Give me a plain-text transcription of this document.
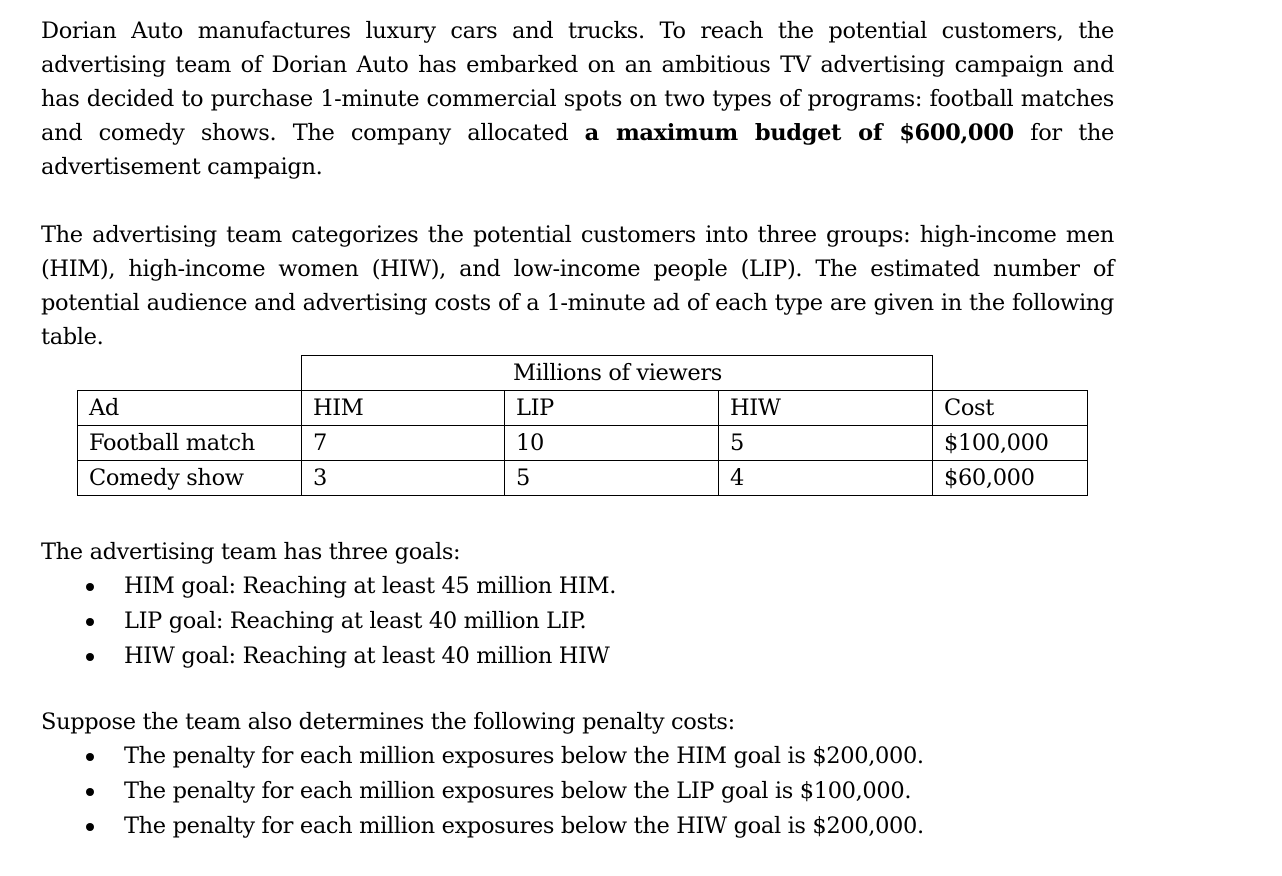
Dorian Auto manufactures luxury cars and trucks. To reach the potential customers, the advertising team of Dorian Auto has embarked on an ambitious TV advertising campaign and has decided to purchase 1-minute commercial spots on two types of programs: football matches and comedy shows. The company allocated a maximum budget of $600,000 for the advertisement campaign.

The advertising team categorizes the potential customers into three groups: high-income men (HIM), high-income women (HIW), and low-income people (LIP). The estimated number of potential audience and advertising costs of a 1-minute ad of each type are given in the following table.

	Millions of viewers			
Ad	HIM	LIP	HIW	Cost
Football match	7	10	5	$100,000
Comedy show	3	5	4	$60,000

The advertising team has three goals:

HIM goal: Reaching at least 45 million HIM.
LIP goal: Reaching at least 40 million LIP.
HIW goal: Reaching at least 40 million HIW

Suppose the team also determines the following penalty costs:

The penalty for each million exposures below the HIM goal is $200,000.
The penalty for each million exposures below the LIP goal is $100,000.
The penalty for each million exposures below the HIW goal is $200,000.
